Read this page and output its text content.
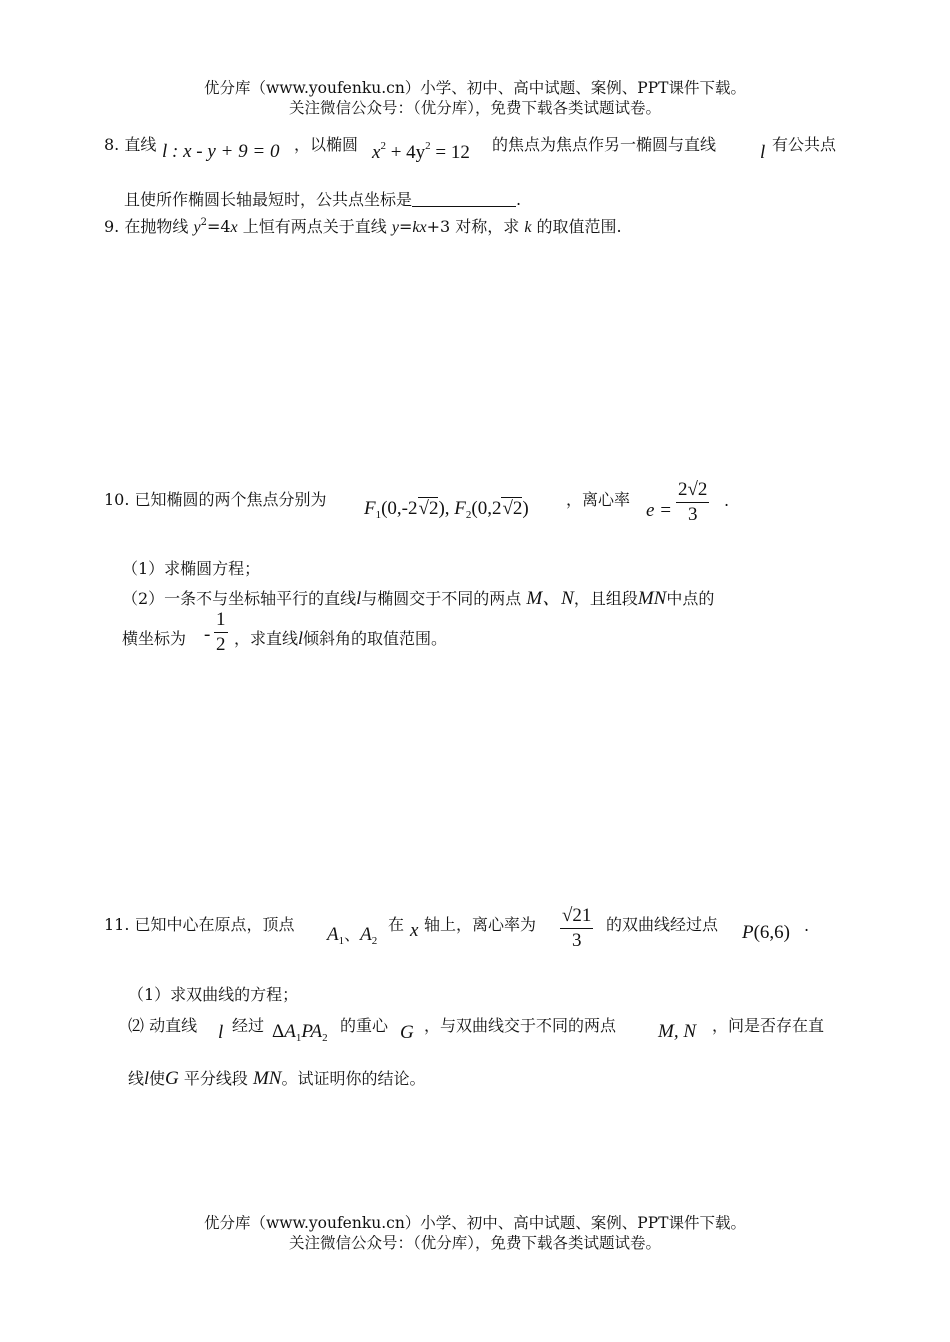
优分库（www.youfenku.cn）小学、初中、高中试题、案例、PPT课件下载。
关注微信公众号：（优分库），免费下载各类试题试卷。
8. 直线 l : x - y + 9 = 0 ，以椭圆 $x^2 + 4y^2 = 12$ 的焦点为焦点作另一椭圆与直线 l 有公共点
且使所作椭圆长轴最短时，公共点坐标是	.
9. 在抛物线 $y^2=4x$ 上恒有两点关于直线 y=kx+3 对称，求 k 的取值范围.
10. 已知椭圆的两个焦点分别为 $F_1(0,-2√2)$, $F_2(0,2√2)$ ，离心率
$e = \frac{2√2}{3}$ .
（1）求椭圆方程；
（2）一条不与坐标轴平行的直线l与椭圆交于不同的两点 M、N，且组段MN中点的
横坐标为 - $\frac{1}{2}$ ，求直线l倾斜角的取值范围。
11. 已知中心在原点，顶点 $A_1$、$A_2$
在 x 轴上，离心率为 $\frac{√21}{3}$ 的双曲线经过点 P(6,6) .
（1）求双曲线的方程；
⑵ 动直线 l 经过 $\Delta A_1PA_2$
的重心 G ，与双曲线交于不同的两点 M, N ，问是否存在直
线l使G 平分线段 MN。试证明你的结论。
优分库（www.youfenku.cn）小学、初中、高中试题、案例、PPT课件下载。
关注微信公众号：（优分库），免费下载各类试题试卷。
